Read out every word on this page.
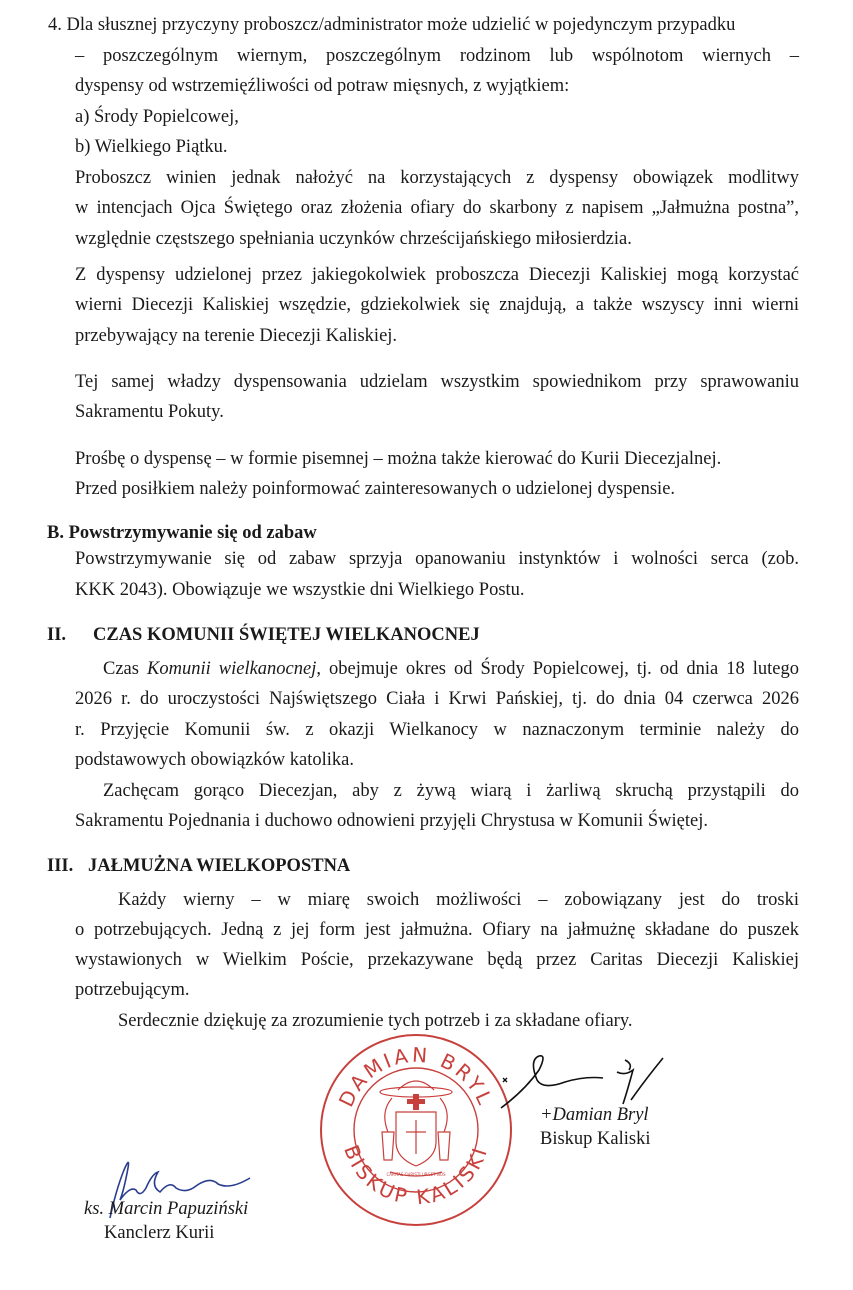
4. Dla słusznej przyczyny proboszcz/administrator może udzielić w pojedynczym przypadku
– poszczególnym wiernym, poszczególnym rodzinom lub wspólnotom wiernych –
dyspensy od wstrzemięźliwości od potraw mięsnych, z wyjątkiem:
a) Środy Popielcowej,
b) Wielkiego Piątku.
Proboszcz winien jednak nałożyć na korzystających z dyspensy obowiązek modlitwy
w intencjach Ojca Świętego oraz złożenia ofiary do skarbony z napisem „Jałmużna postna”,
względnie częstszego spełniania uczynków chrześcijańskiego miłosierdzia.
Z dyspensy udzielonej przez jakiegokolwiek proboszcza Diecezji Kaliskiej mogą korzystać
wierni Diecezji Kaliskiej wszędzie, gdziekolwiek się znajdują, a także wszyscy inni wierni
przebywający na terenie Diecezji Kaliskiej.
Tej samej władzy dyspensowania udzielam wszystkim spowiednikom przy sprawowaniu
Sakramentu Pokuty.
Prośbę o dyspensę – w formie pisemnej – można także kierować do Kurii Diecezjalnej.
Przed posiłkiem należy poinformować zainteresowanych o udzielonej dyspensie.
B. Powstrzymywanie się od zabaw
Powstrzymywanie się od zabaw sprzyja opanowaniu instynktów i wolności serca (zob.
KKK 2043). Obowiązuje we wszystkie dni Wielkiego Postu.
II. CZAS KOMUNII ŚWIĘTEJ WIELKANOCNEJ
Czas Komunii wielkanocnej, obejmuje okres od Środy Popielcowej, tj. od dnia 18 lutego
2026 r. do uroczystości Najświętszego Ciała i Krwi Pańskiej, tj. do dnia 04 czerwca 2026
r. Przyjęcie Komunii św. z okazji Wielkanocy w naznaczonym terminie należy do
podstawowych obowiązków katolika.
Zachęcam gorąco Diecezjan, aby z żywą wiarą i żarliwą skruchą przystąpili do
Sakramentu Pojednania i duchowo odnowieni przyjęli Chrystusa w Komunii Świętej.
III. JAŁMUŻNA WIELKOPOSTNA
Każdy wierny – w miarę swoich możliwości – zobowiązany jest do troski
o potrzebujących. Jedną z jej form jest jałmużna. Ofiary na jałmużnę składane do puszek
wystawionych w Wielkim Poście, przekazywane będą przez Caritas Diecezji Kaliskiej
potrzebującym.
Serdecznie dziękuję za zrozumienie tych potrzeb i za składane ofiary.
DAMIAN BRYL
BISKUP KALISKI
CARITAS CHRISTI URGET NOS
+Damian Bryl
Biskup Kaliski
ks. Marcin Papuziński
Kanclerz Kurii
